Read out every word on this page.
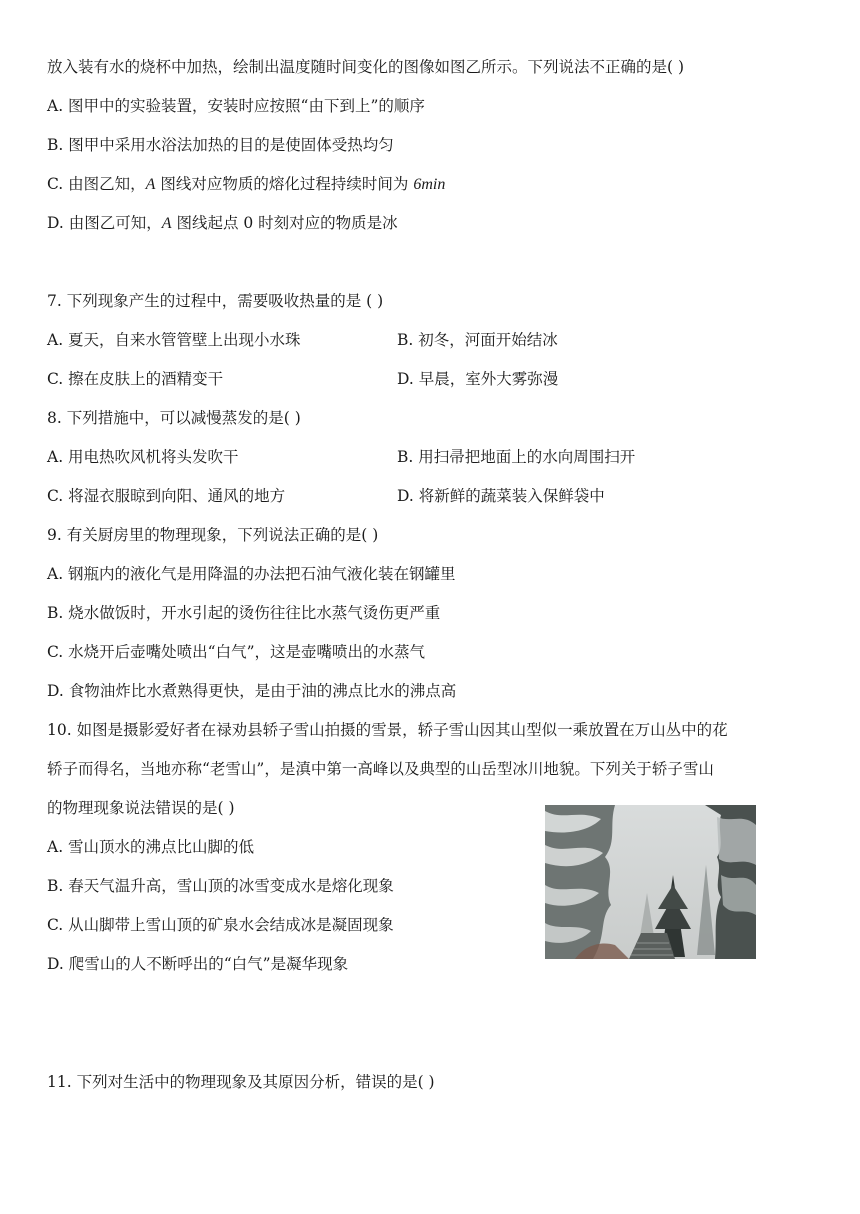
放入装有水的烧杯中加热，绘制出温度随时间变化的图像如图乙所示。下列说法不正确的是( )
A. 图甲中的实验装置，安装时应按照“由下到上”的顺序
B. 图甲中采用水浴法加热的目的是使固体受热均匀
C. 由图乙知，A 图线对应物质的熔化过程持续时间为 6min
D. 由图乙可知，A 图线起点 0 时刻对应的物质是冰
7. 下列现象产生的过程中，需要吸收热量的是 ( )
A. 夏天，自来水管管壁上出现小水珠	B. 初冬，河面开始结冰
C. 擦在皮肤上的酒精变干	D. 早晨，室外大雾弥漫
8. 下列措施中，可以减慢蒸发的是( )
A. 用电热吹风机将头发吹干	B. 用扫帚把地面上的水向周围扫开
C. 将湿衣服晾到向阳、通风的地方	D. 将新鲜的蔬菜装入保鲜袋中
9. 有关厨房里的物理现象，下列说法正确的是( )
A. 钢瓶内的液化气是用降温的办法把石油气液化装在钢罐里
B. 烧水做饭时，开水引起的烫伤往往比水蒸气烫伤更严重
C. 水烧开后壶嘴处喷出“白气”，这是壶嘴喷出的水蒸气
D. 食物油炸比水煮熟得更快，是由于油的沸点比水的沸点高
10. 如图是摄影爱好者在禄劝县轿子雪山拍摄的雪景，轿子雪山因其山型似一乘放置在万山丛中的花
轿子而得名，当地亦称“老雪山”，是滇中第一高峰以及典型的山岳型冰川地貌。下列关于轿子雪山
的物理现象说法错误的是( )
A. 雪山顶水的沸点比山脚的低
B. 春天气温升高，雪山顶的冰雪变成水是熔化现象
C. 从山脚带上雪山顶的矿泉水会结成冰是凝固现象
D. 爬雪山的人不断呼出的“白气”是凝华现象
11. 下列对生活中的物理现象及其原因分析，错误的是( )
